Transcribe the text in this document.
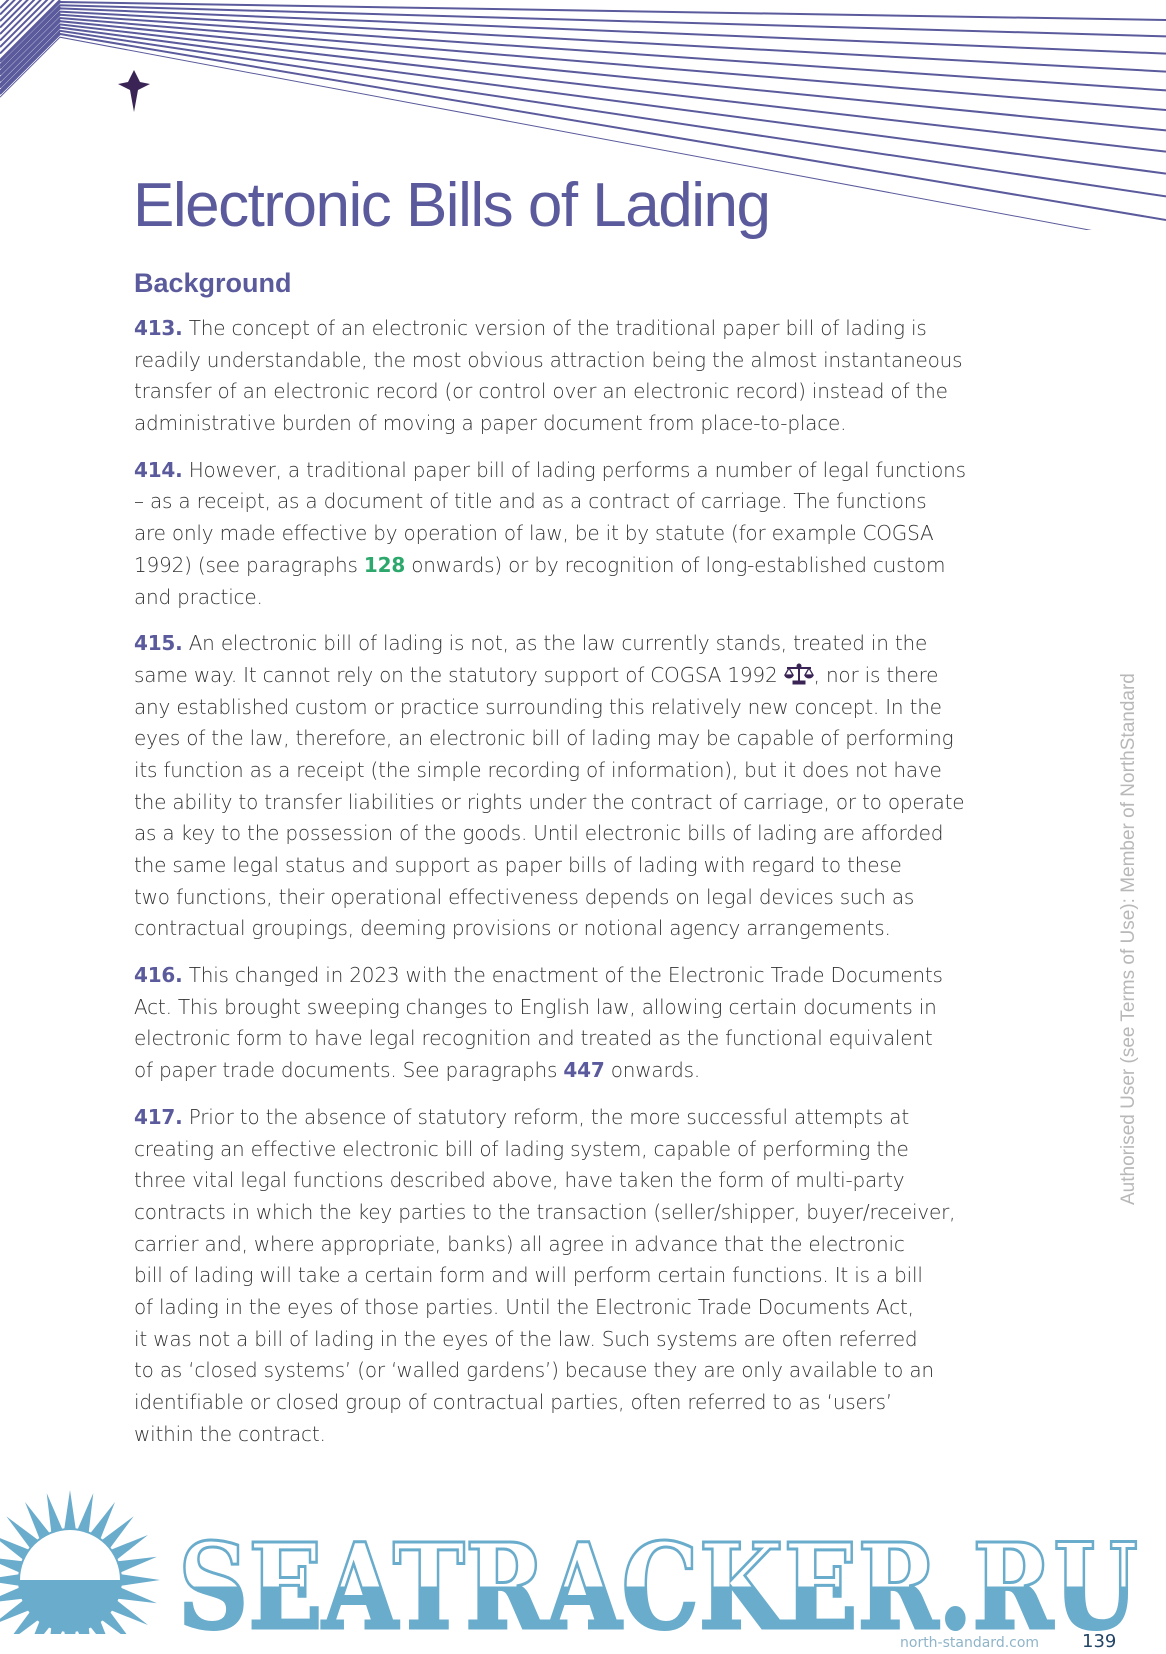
Electronic Bills of Lading
Background
413. The concept of an electronic version of the traditional paper bill of lading is
readily understandable, the most obvious attraction being the almost instantaneous
transfer of an electronic record (or control over an electronic record) instead of the
administrative burden of moving a paper document from place-to-place.
414. However, a traditional paper bill of lading performs a number of legal functions
– as a receipt, as a document of title and as a contract of carriage. The functions
are only made effective by operation of law, be it by statute (for example COGSA
1992) (see paragraphs 128 onwards) or by recognition of long-established custom
and practice.
415. An electronic bill of lading is not, as the law currently stands, treated in the
same way. It cannot rely on the statutory support of COGSA 1992 , nor is there
any established custom or practice surrounding this relatively new concept. In the
eyes of the law, therefore, an electronic bill of lading may be capable of performing
its function as a receipt (the simple recording of information), but it does not have
the ability to transfer liabilities or rights under the contract of carriage, or to operate
as a key to the possession of the goods. Until electronic bills of lading are afforded
the same legal status and support as paper bills of lading with regard to these
two functions, their operational effectiveness depends on legal devices such as
contractual groupings, deeming provisions or notional agency arrangements.
416. This changed in 2023 with the enactment of the Electronic Trade Documents
Act. This brought sweeping changes to English law, allowing certain documents in
electronic form to have legal recognition and treated as the functional equivalent
of paper trade documents. See paragraphs 447 onwards.
417. Prior to the absence of statutory reform, the more successful attempts at
creating an effective electronic bill of lading system, capable of performing the
three vital legal functions described above, have taken the form of multi-party
contracts in which the key parties to the transaction (seller/shipper, buyer/receiver,
carrier and, where appropriate, banks) all agree in advance that the electronic
bill of lading will take a certain form and will perform certain functions. It is a bill
of lading in the eyes of those parties. Until the Electronic Trade Documents Act,
it was not a bill of lading in the eyes of the law. Such systems are often referred
to as ‘closed systems’ (or ‘walled gardens’) because they are only available to an
identifiable or closed group of contractual parties, often referred to as ‘users’
within the contract.
Authorised User (see Terms of Use): Member of NorthStandard
SEATRACKER.RU
north-standard.com 139
